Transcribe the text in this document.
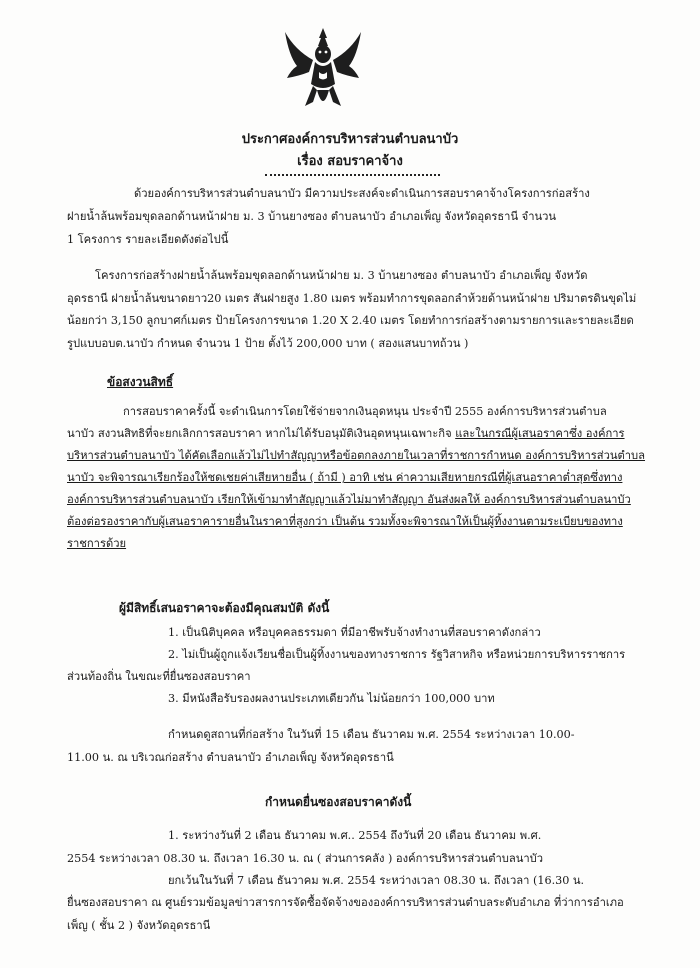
ประกาศองค์การบริหารส่วนตำบลนาบัว
เรื่อง สอบราคาจ้าง
ด้วยองค์การบริหารส่วนตำบลนาบัว มีความประสงค์จะดำเนินการสอบราคาจ้างโครงการก่อสร้าง
ฝายน้ำล้นพร้อมขุดลอกด้านหน้าฝาย ม. 3 บ้านยางซอง ตำบลนาบัว อำเภอเพ็ญ จังหวัดอุดรธานี จำนวน
1 โครงการ รายละเอียดดังต่อไปนี้
โครงการก่อสร้างฝายน้ำล้นพร้อมขุดลอกด้านหน้าฝาย ม. 3 บ้านยางซอง ตำบลนาบัว อำเภอเพ็ญ จังหวัด
อุดรธานี ฝายน้ำล้นขนาดยาว20 เมตร สันฝายสูง 1.80 เมตร พร้อมทำการขุดลอกลำห้วยด้านหน้าฝาย ปริมาตรดินขุดไม่
น้อยกว่า 3,150 ลูกบาศก์เมตร ป้ายโครงการขนาด 1.20 X 2.40 เมตร โดยทำการก่อสร้างตามรายการและรายละเอียด
รูปแบบอบต.นาบัว กำหนด จำนวน 1 ป้าย ตั้งไว้ 200,000 บาท ( สองแสนบาทถ้วน )
ข้อสงวนสิทธิ์
การสอบราคาครั้งนี้ จะดำเนินการโดยใช้จ่ายจากเงินอุดหนุน ประจำปี 2555 องค์การบริหารส่วนตำบล
นาบัว สงวนสิทธิที่จะยกเลิกการสอบราคา หากไม่ได้รับอนุมัติเงินอุดหนุนเฉพาะกิจ และในกรณีผู้เสนอราคาซึ่ง องค์การ
บริหารส่วนตำบลนาบัว ได้คัดเลือกแล้วไม่ไปทำสัญญาหรือข้อตกลงภายในเวลาที่ราชการกำหนด องค์การบริหารส่วนตำบล
นาบัว จะพิจารณาเรียกร้องให้ชดเชยค่าเสียหายอื่น ( ถ้ามี ) อาทิ เช่น ค่าความเสียหายกรณีที่ผู้เสนอราคาต่ำสุดซึ่งทาง
องค์การบริหารส่วนตำบลนาบัว เรียกให้เข้ามาทำสัญญาแล้วไม่มาทำสัญญา อันส่งผลให้ องค์การบริหารส่วนตำบลนาบัว
ต้องต่อรองราคากับผู้เสนอราคารายอื่นในราคาที่สูงกว่า เป็นต้น รวมทั้งจะพิจารณาให้เป็นผู้ทิ้งงานตามระเบียบของทาง
ราชการด้วย
ผู้มีสิทธิ์เสนอราคาจะต้องมีคุณสมบัติ ดังนี้
1. เป็นนิติบุคคล หรือบุคคลธรรมดา ที่มีอาชีพรับจ้างทำงานที่สอบราคาดังกล่าว
2. ไม่เป็นผู้ถูกแจ้งเวียนชื่อเป็นผู้ทิ้งงานของทางราชการ รัฐวิสาหกิจ หรือหน่วยการบริหารราชการ
ส่วนท้องถิ่น ในขณะที่ยื่นซองสอบราคา
3. มีหนังสือรับรองผลงานประเภทเดียวกัน ไม่น้อยกว่า 100,000 บาท
กำหนดดูสถานที่ก่อสร้าง ในวันที่ 15 เดือน ธันวาคม พ.ศ. 2554 ระหว่างเวลา 10.00-
11.00 น. ณ บริเวณก่อสร้าง ตำบลนาบัว อำเภอเพ็ญ จังหวัดอุดรธานี
กำหนดยื่นซองสอบราคาดังนี้
1. ระหว่างวันที่ 2 เดือน ธันวาคม พ.ศ.. 2554 ถึงวันที่ 20 เดือน ธันวาคม พ.ศ.
2554 ระหว่างเวลา 08.30 น. ถึงเวลา 16.30 น. ณ ( ส่วนการคลัง ) องค์การบริหารส่วนตำบลนาบัว
ยกเว้นในวันที่ 7 เดือน ธันวาคม พ.ศ. 2554 ระหว่างเวลา 08.30 น. ถึงเวลา (16.30 น.
ยื่นซองสอบราคา ณ ศูนย์รวมข้อมูลข่าวสารการจัดซื้อจัดจ้างขององค์การบริหารส่วนตำบลระดับอำเภอ ที่ว่าการอำเภอ
เพ็ญ ( ชั้น 2 ) จังหวัดอุดรธานี
